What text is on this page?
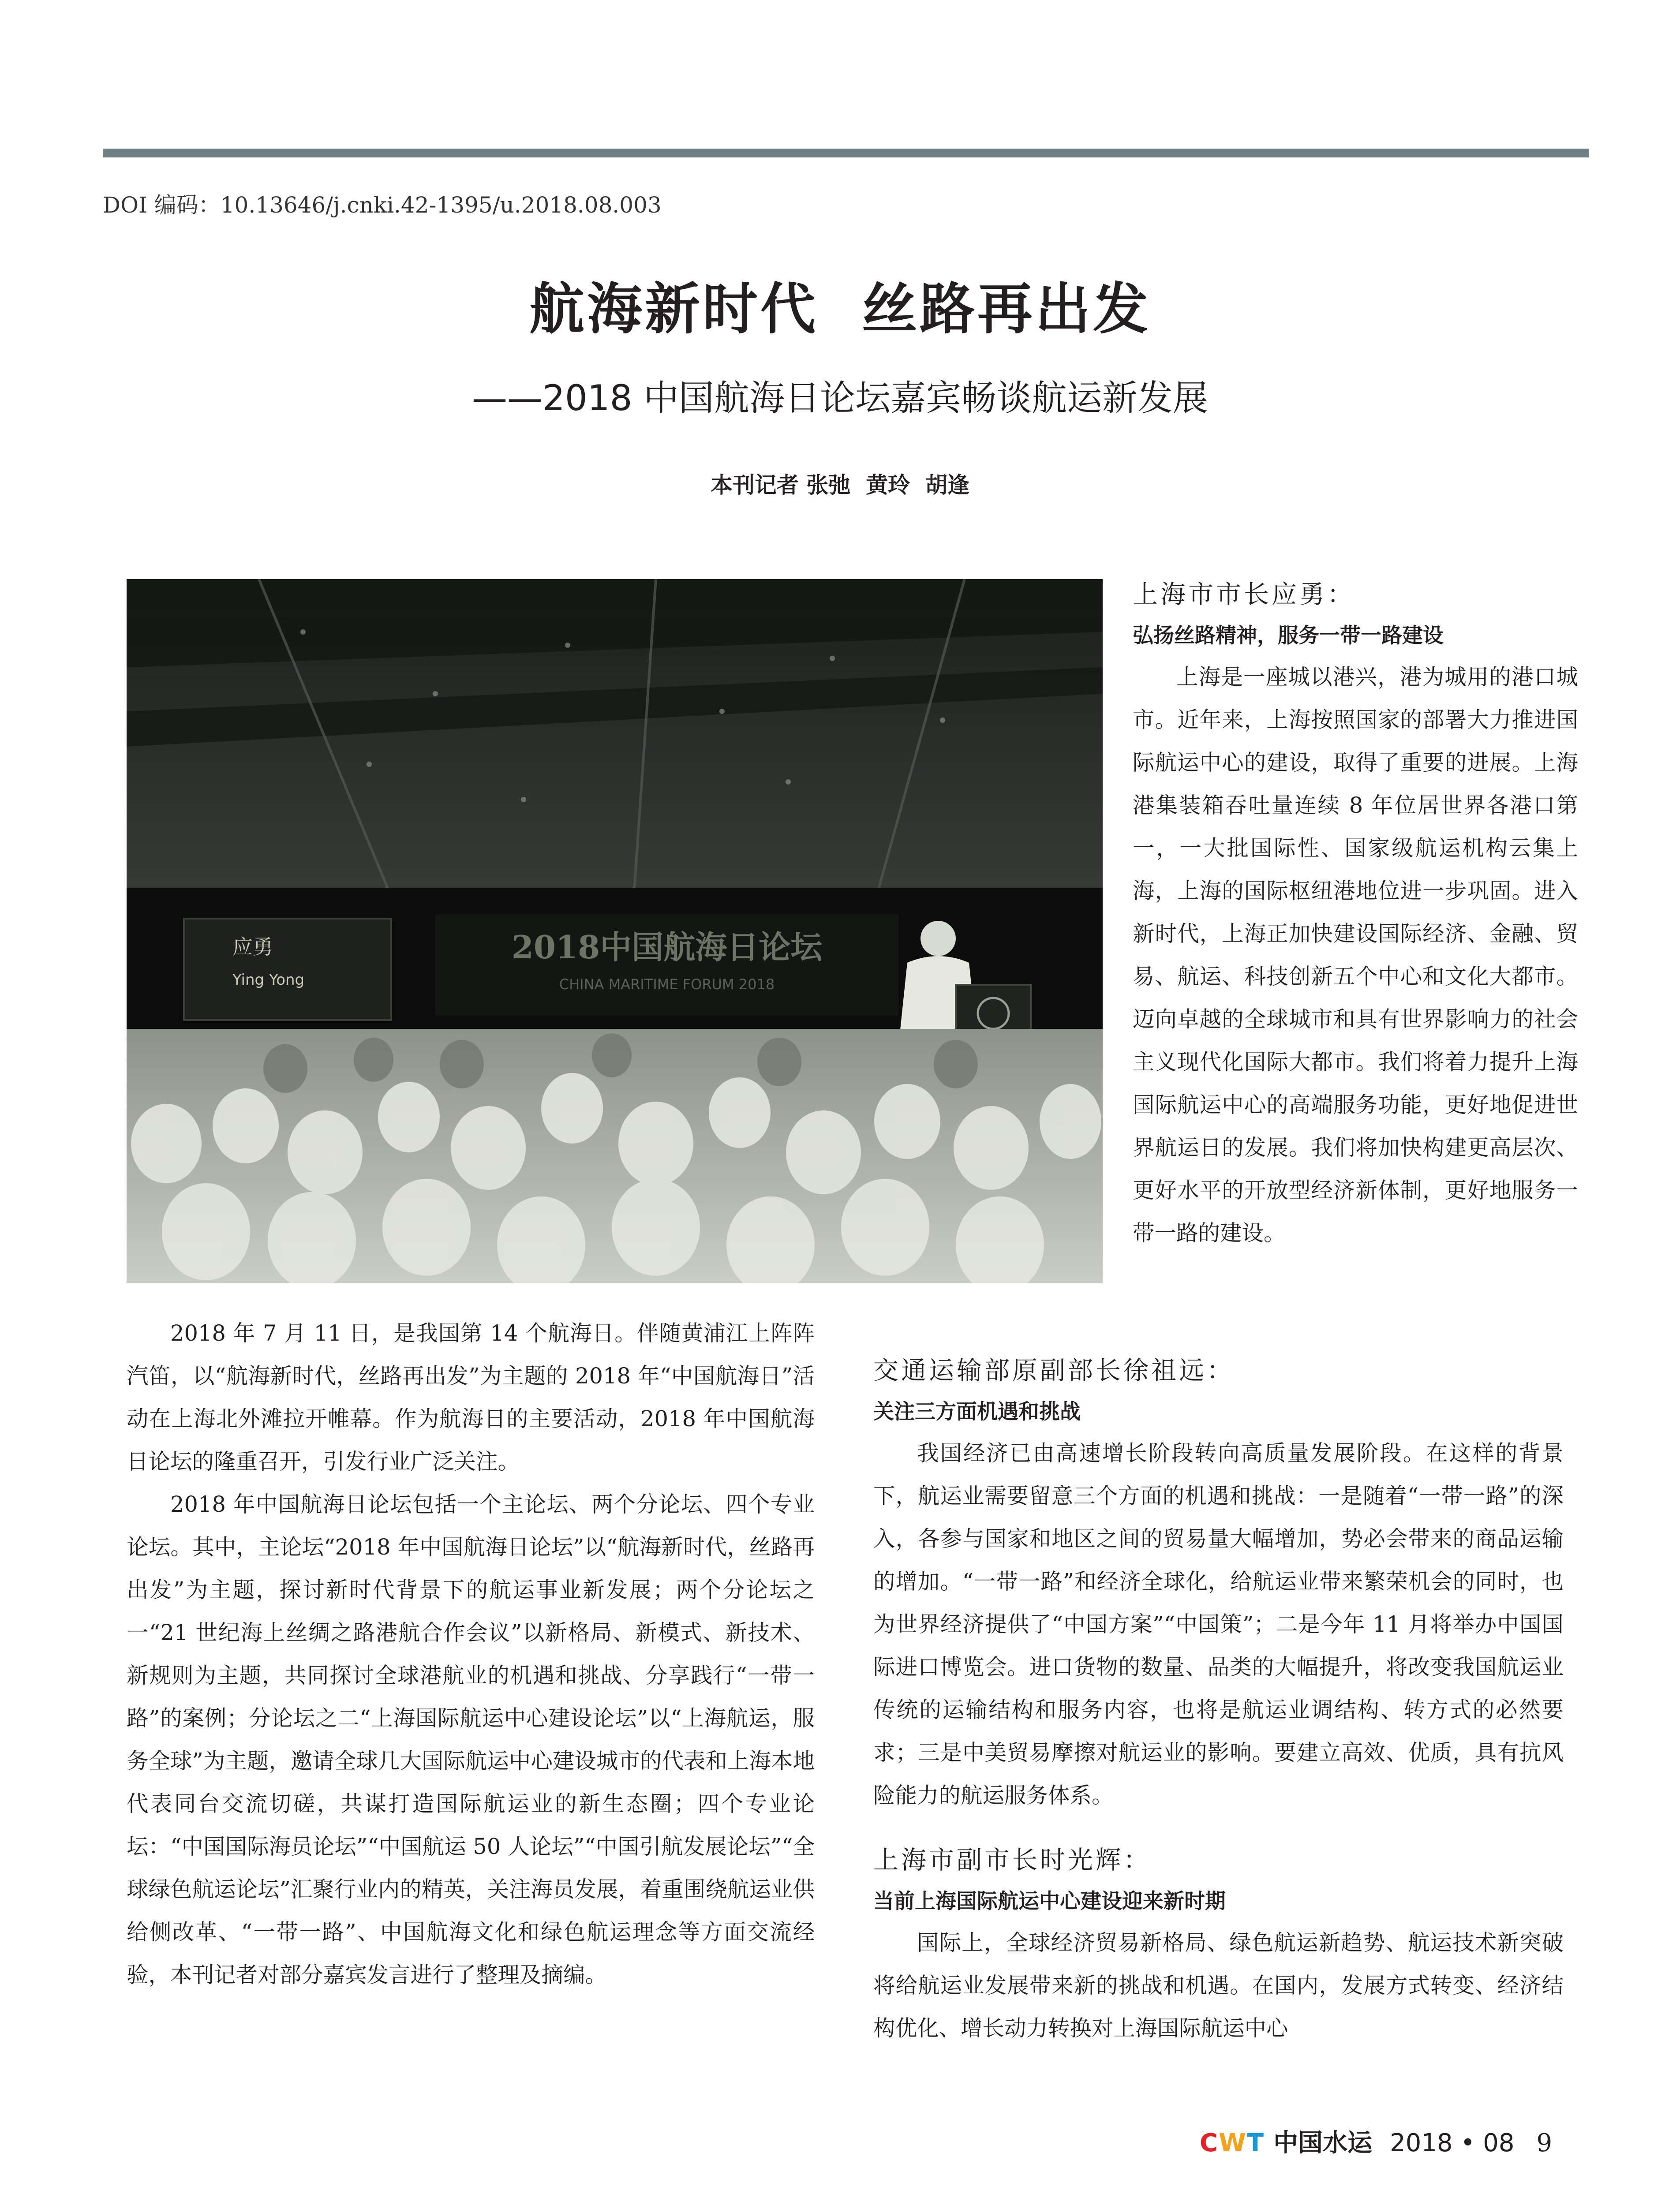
DOI 编码：10.13646/j.cnki.42-1395/u.2018.08.003
航海新时代  丝路再出发
——2018 中国航海日论坛嘉宾畅谈航运新发展
本刊记者 张弛  黄玲  胡逢
应勇
Ying Yong
2018中国航海日论坛
CHINA MARITIME FORUM 2018

上海市市长应勇：

弘扬丝路精神，服务一带一路建设

上海是一座城以港兴，港为城用的港口城市。近年来，上海按照国家的部署大力推进国际航运中心的建设，取得了重要的进展。上海港集装箱吞吐量连续 8 年位居世界各港口第一，一大批国际性、国家级航运机构云集上海，上海的国际枢纽港地位进一步巩固。进入新时代，上海正加快建设国际经济、金融、贸易、航运、科技创新五个中心和文化大都市。迈向卓越的全球城市和具有世界影响力的社会主义现代化国际大都市。我们将着力提升上海国际航运中心的高端服务功能，更好地促进世界航运日的发展。我们将加快构建更高层次、更好水平的开放型经济新体制，更好地服务一带一路的建设。

2018 年 7 月 11 日，是我国第 14 个航海日。伴随黄浦江上阵阵汽笛，以“航海新时代，丝路再出发”为主题的 2018 年“中国航海日”活动在上海北外滩拉开帷幕。作为航海日的主要活动，2018 年中国航海日论坛的隆重召开，引发行业广泛关注。

2018 年中国航海日论坛包括一个主论坛、两个分论坛、四个专业论坛。其中，主论坛“2018 年中国航海日论坛”以“航海新时代，丝路再出发”为主题，探讨新时代背景下的航运事业新发展；两个分论坛之一“21 世纪海上丝绸之路港航合作会议”以新格局、新模式、新技术、新规则为主题，共同探讨全球港航业的机遇和挑战、分享践行“一带一路”的案例；分论坛之二“上海国际航运中心建设论坛”以“上海航运，服务全球”为主题，邀请全球几大国际航运中心建设城市的代表和上海本地代表同台交流切磋，共谋打造国际航运业的新生态圈；四个专业论坛：“中国国际海员论坛”“中国航运 50 人论坛”“中国引航发展论坛”“全球绿色航运论坛”汇聚行业内的精英，关注海员发展，着重围绕航运业供给侧改革、“一带一路”、中国航海文化和绿色航运理念等方面交流经验，本刊记者对部分嘉宾发言进行了整理及摘编。

交通运输部原副部长徐祖远：

关注三方面机遇和挑战

我国经济已由高速增长阶段转向高质量发展阶段。在这样的背景下，航运业需要留意三个方面的机遇和挑战：一是随着“一带一路”的深入，各参与国家和地区之间的贸易量大幅增加，势必会带来的商品运输的增加。“一带一路”和经济全球化，给航运业带来繁荣机会的同时，也为世界经济提供了“中国方案”“中国策”；二是今年 11 月将举办中国国际进口博览会。进口货物的数量、品类的大幅提升，将改变我国航运业传统的运输结构和服务内容，也将是航运业调结构、转方式的必然要求；三是中美贸易摩擦对航运业的影响。要建立高效、优质，具有抗风险能力的航运服务体系。

上海市副市长时光辉：

当前上海国际航运中心建设迎来新时期

国际上，全球经济贸易新格局、绿色航运新趋势、航运技术新突破将给航运业发展带来新的挑战和机遇。在国内，发展方式转变、经济结构优化、增长动力转换对上海国际航运中心

CWT 中国水运 2018 • 08 9
